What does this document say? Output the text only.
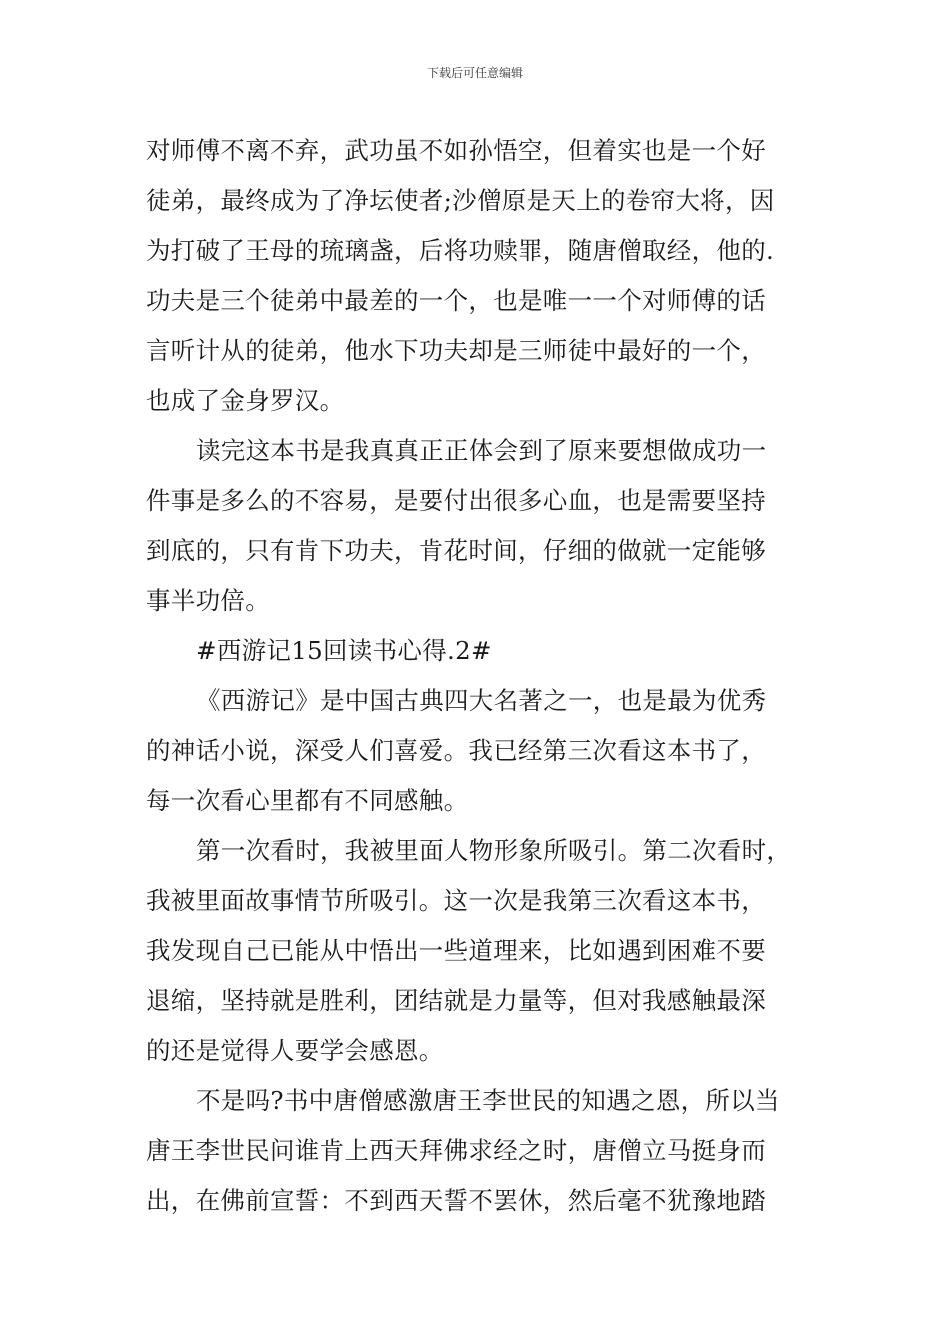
下载后可任意编辑
对师傅不离不弃，武功虽不如孙悟空，但着实也是一个好
徒弟，最终成为了净坛使者;沙僧原是天上的卷帘大将，因
为打破了王母的琉璃盏，后将功赎罪，随唐僧取经，他的.
功夫是三个徒弟中最差的一个，也是唯一一个对师傅的话
言听计从的徒弟，他水下功夫却是三师徒中最好的一个，
也成了金身罗汉。
读完这本书是我真真正正体会到了原来要想做成功一
件事是多么的不容易，是要付出很多心血，也是需要坚持
到底的，只有肯下功夫，肯花时间，仔细的做就一定能够
事半功倍。
#西游记15回读书心得.2#
《西游记》是中国古典四大名著之一，也是最为优秀
的神话小说，深受人们喜爱。我已经第三次看这本书了，
每一次看心里都有不同感触。
第一次看时，我被里面人物形象所吸引。第二次看时，
我被里面故事情节所吸引。这一次是我第三次看这本书，
我发现自己已能从中悟出一些道理来，比如遇到困难不要
退缩，坚持就是胜利，团结就是力量等，但对我感触最深
的还是觉得人要学会感恩。
不是吗?书中唐僧感激唐王李世民的知遇之恩，所以当
唐王李世民问谁肯上西天拜佛求经之时，唐僧立马挺身而
出，在佛前宣誓：不到西天誓不罢休，然后毫不犹豫地踏
